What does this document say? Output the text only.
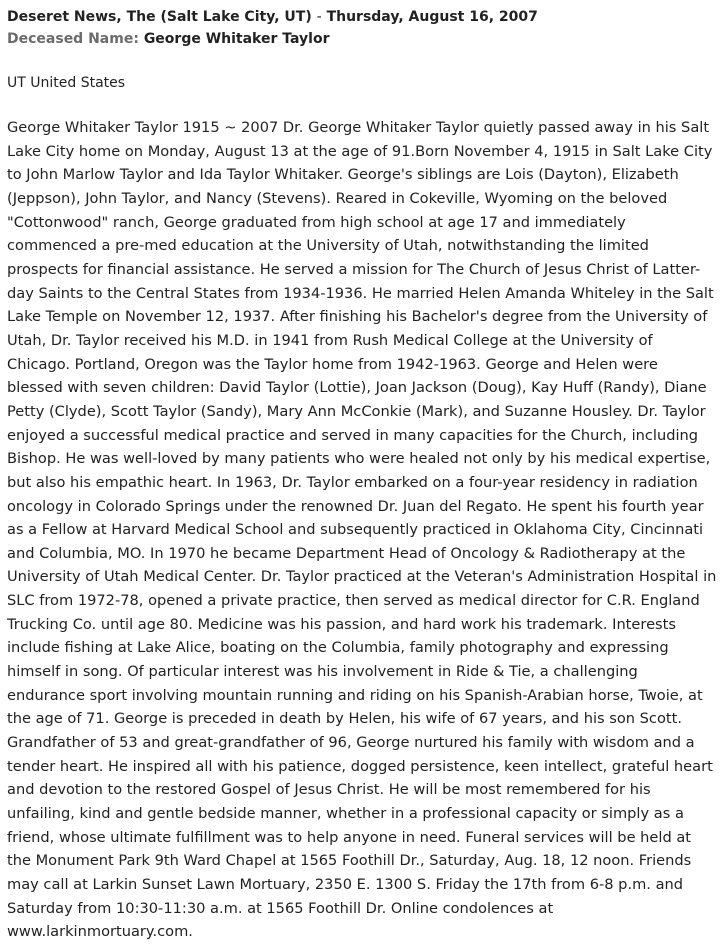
Deseret News, The (Salt Lake City, UT) - Thursday, August 16, 2007
Deceased Name: George Whitaker Taylor
UT United States
George Whitaker Taylor 1915 ~ 2007 Dr. George Whitaker Taylor quietly passed away in his Salt Lake City home on Monday, August 13 at the age of 91.Born November 4, 1915 in Salt Lake City to John Marlow Taylor and Ida Taylor Whitaker. George's siblings are Lois (Dayton), Elizabeth (Jeppson), John Taylor, and Nancy (Stevens). Reared in Cokeville, Wyoming on the beloved "Cottonwood" ranch, George graduated from high school at age 17 and immediately commenced a pre-med education at the University of Utah, notwithstanding the limited prospects for financial assistance. He served a mission for The Church of Jesus Christ of Latter-day Saints to the Central States from 1934-1936. He married Helen Amanda Whiteley in the Salt Lake Temple on November 12, 1937. After finishing his Bachelor's degree from the University of Utah, Dr. Taylor received his M.D. in 1941 from Rush Medical College at the University of Chicago. Portland, Oregon was the Taylor home from 1942-1963. George and Helen were blessed with seven children: David Taylor (Lottie), Joan Jackson (Doug), Kay Huff (Randy), Diane Petty (Clyde), Scott Taylor (Sandy), Mary Ann McConkie (Mark), and Suzanne Housley. Dr. Taylor enjoyed a successful medical practice and served in many capacities for the Church, including Bishop. He was well-loved by many patients who were healed not only by his medical expertise, but also his empathic heart. In 1963, Dr. Taylor embarked on a four-year residency in radiation oncology in Colorado Springs under the renowned Dr. Juan del Regato. He spent his fourth year as a Fellow at Harvard Medical School and subsequently practiced in Oklahoma City, Cincinnati and Columbia, MO. In 1970 he became Department Head of Oncology & Radiotherapy at the University of Utah Medical Center. Dr. Taylor practiced at the Veteran's Administration Hospital in SLC from 1972-78, opened a private practice, then served as medical director for C.R. England Trucking Co. until age 80. Medicine was his passion, and hard work his trademark. Interests include fishing at Lake Alice, boating on the Columbia, family photography and expressing himself in song. Of particular interest was his involvement in Ride & Tie, a challenging endurance sport involving mountain running and riding on his Spanish-Arabian horse, Twoie, at the age of 71. George is preceded in death by Helen, his wife of 67 years, and his son Scott. Grandfather of 53 and great-grandfather of 96, George nurtured his family with wisdom and a tender heart. He inspired all with his patience, dogged persistence, keen intellect, grateful heart and devotion to the restored Gospel of Jesus Christ. He will be most remembered for his unfailing, kind and gentle bedside manner, whether in a professional capacity or simply as a friend, whose ultimate fulfillment was to help anyone in need. Funeral services will be held at the Monument Park 9th Ward Chapel at 1565 Foothill Dr., Saturday, Aug. 18, 12 noon. Friends may call at Larkin Sunset Lawn Mortuary, 2350 E. 1300 S. Friday the 17th from 6-8 p.m. and Saturday from 10:30-11:30 a.m. at 1565 Foothill Dr. Online condolences at www.larkinmortuary.com.
